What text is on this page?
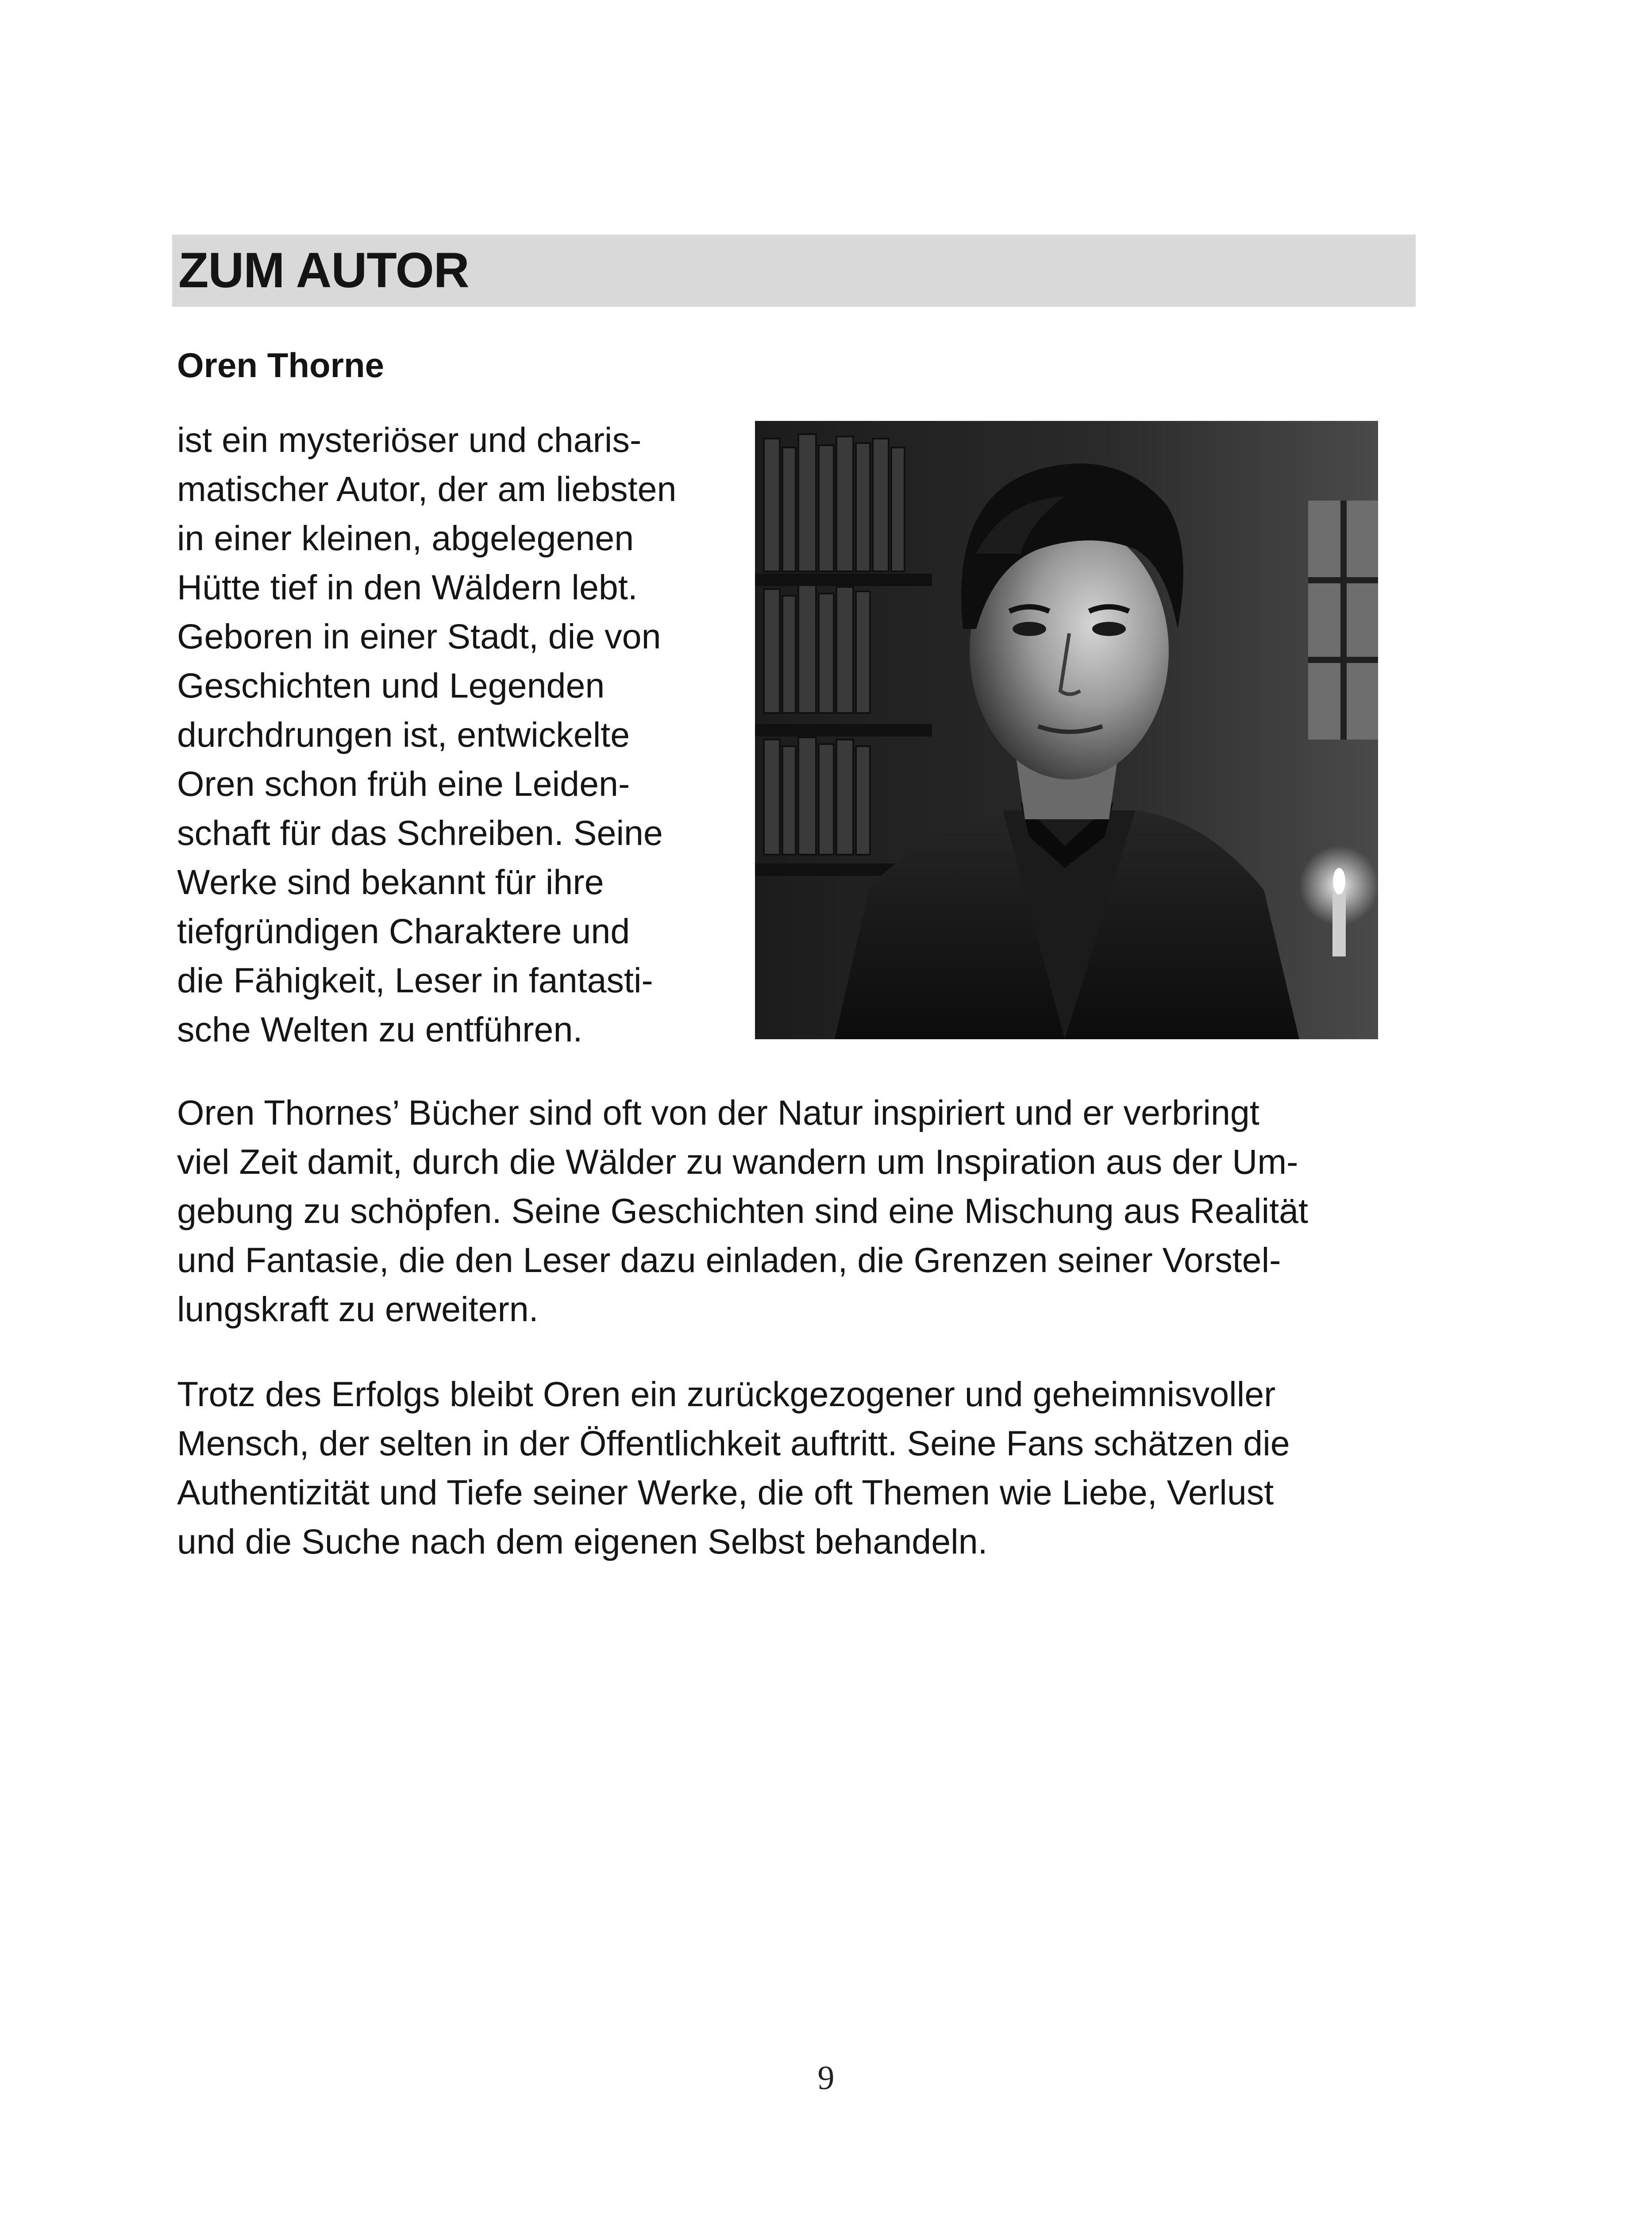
ZUM AUTOR
Oren Thorne

ist ein mysteriöser und charis-
matischer Autor, der am liebsten
in einer kleinen, abgelegenen
Hütte tief in den Wäldern lebt.
Geboren in einer Stadt, die von
Geschichten und Legenden
durchdrungen ist, entwickelte
Oren schon früh eine Leiden-
schaft für das Schreiben. Seine
Werke sind bekannt für ihre
tiefgründigen Charaktere und
die Fähigkeit, Leser in fantasti-
sche Welten zu entführen.

Oren Thornes’ Bücher sind oft von der Natur inspiriert und er verbringt
viel Zeit damit, durch die Wälder zu wandern um Inspiration aus der Um-
gebung zu schöpfen. Seine Geschichten sind eine Mischung aus Realität
und Fantasie, die den Leser dazu einladen, die Grenzen seiner Vorstel-
lungskraft zu erweitern.

Trotz des Erfolgs bleibt Oren ein zurückgezogener und geheimnisvoller
Mensch, der selten in der Öffentlichkeit auftritt. Seine Fans schätzen die
Authentizität und Tiefe seiner Werke, die oft Themen wie Liebe, Verlust
und die Suche nach dem eigenen Selbst behandeln.

9
